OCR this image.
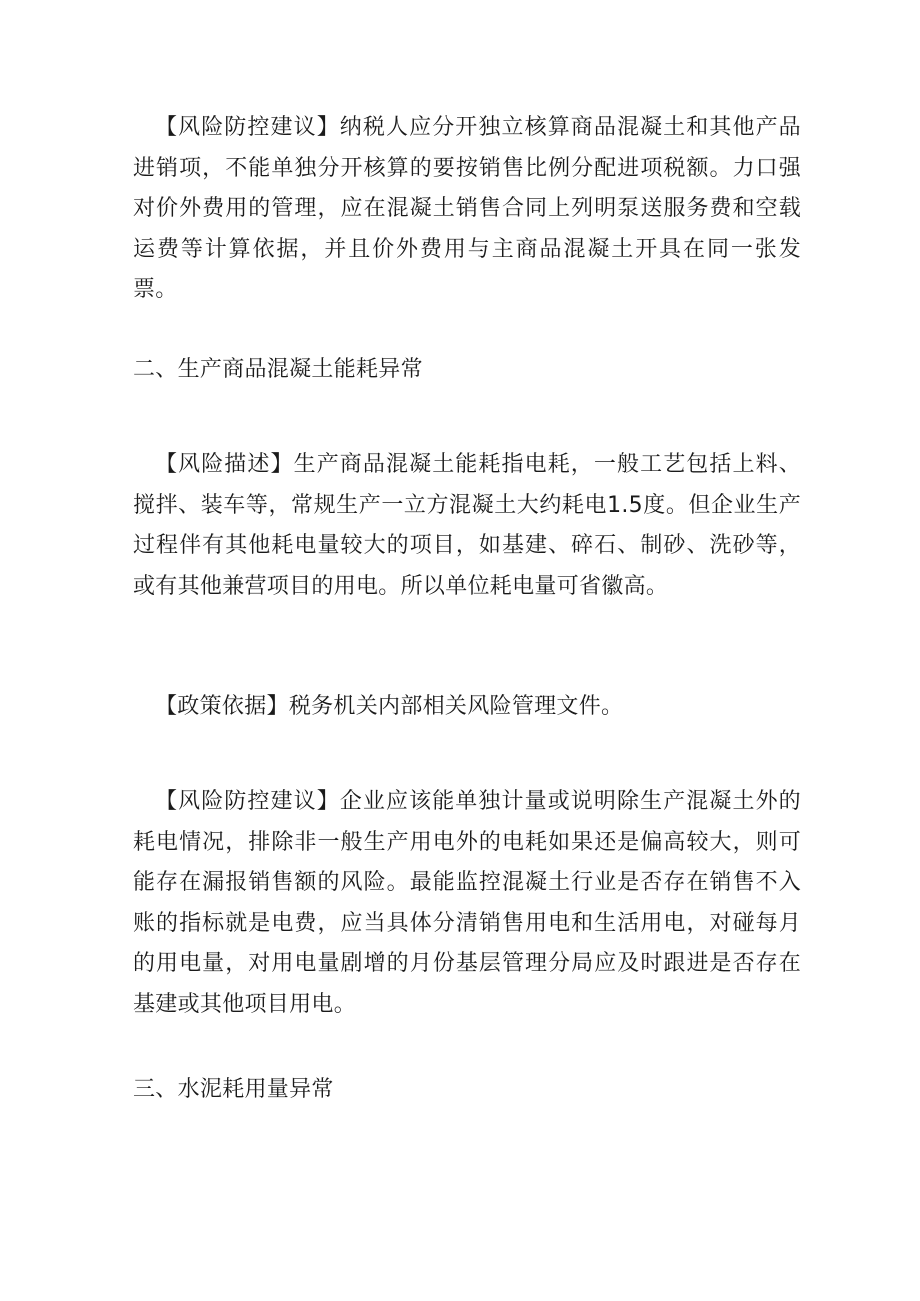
【风险防控建议】纳税人应分开独立核算商品混凝土和其他产品进销项，不能单独分开核算的要按销售比例分配进项税额。力口强对价外费用的管理，应在混凝土销售合同上列明泵送服务费和空载运费等计算依据，并且价外费用与主商品混凝土开具在同一张发票。

二、生产商品混凝土能耗异常

【风险描述】生产商品混凝土能耗指电耗，一般工艺包括上料、搅拌、装车等，常规生产一立方混凝土大约耗电1.5度。但企业生产过程伴有其他耗电量较大的项目，如基建、碎石、制砂、洗砂等，或有其他兼营项目的用电。所以单位耗电量可省徽高。

【政策依据】税务机关内部相关风险管理文件。

【风险防控建议】企业应该能单独计量或说明除生产混凝土外的耗电情况，排除非一般生产用电外的电耗如果还是偏高较大，则可能存在漏报销售额的风险。最能监控混凝土行业是否存在销售不入账的指标就是电费，应当具体分清销售用电和生活用电，对碰每月的用电量，对用电量剧增的月份基层管理分局应及时跟进是否存在基建或其他项目用电。

三、水泥耗用量异常
